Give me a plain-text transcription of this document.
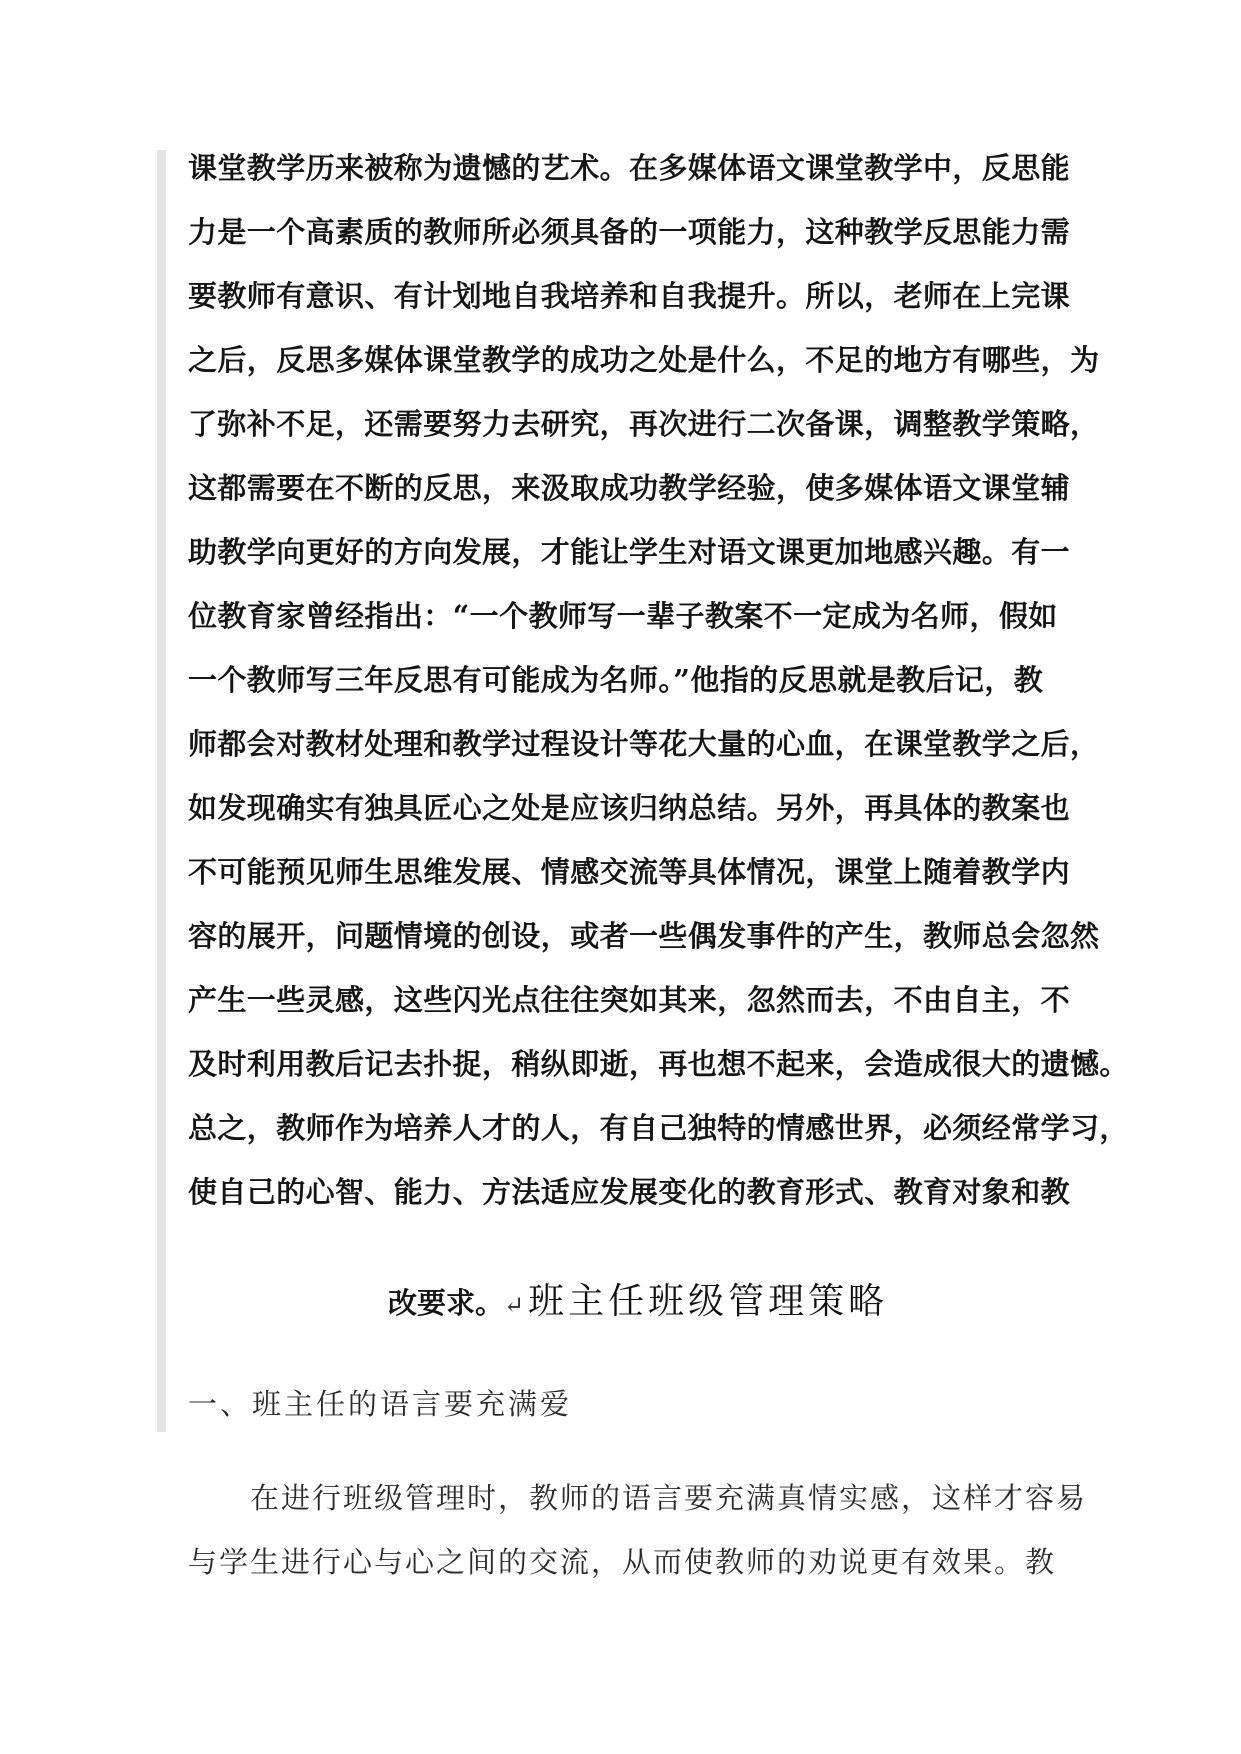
课堂教学历来被称为遗憾的艺术。在多媒体语文课堂教学中，反思能
力是一个高素质的教师所必须具备的一项能力，这种教学反思能力需
要教师有意识、有计划地自我培养和自我提升。所以，老师在上完课
之后，反思多媒体课堂教学的成功之处是什么，不足的地方有哪些，为
了弥补不足，还需要努力去研究，再次进行二次备课，调整教学策略，
这都需要在不断的反思，来汲取成功教学经验，使多媒体语文课堂辅
助教学向更好的方向发展，才能让学生对语文课更加地感兴趣。有一
位教育家曾经指出：“一个教师写一辈子教案不一定成为名师，假如
一个教师写三年反思有可能成为名师。”他指的反思就是教后记，教
师都会对教材处理和教学过程设计等花大量的心血，在课堂教学之后，
如发现确实有独具匠心之处是应该归纳总结。另外，再具体的教案也
不可能预见师生思维发展、情感交流等具体情况，课堂上随着教学内
容的展开，问题情境的创设，或者一些偶发事件的产生，教师总会忽然
产生一些灵感，这些闪光点往往突如其来，忽然而去，不由自主，不
及时利用教后记去扑捉，稍纵即逝，再也想不起来，会造成很大的遗憾。
总之，教师作为培养人才的人，有自己独特的情感世界，必须经常学习，
使自己的心智、能力、方法适应发展变化的教育形式、教育对象和教
改要求。↵ 班主任班级管理策略
一、班主任的语言要充满爱
　　在进行班级管理时，教师的语言要充满真情实感，这样才容易
与学生进行心与心之间的交流，从而使教师的劝说更有效果。教
